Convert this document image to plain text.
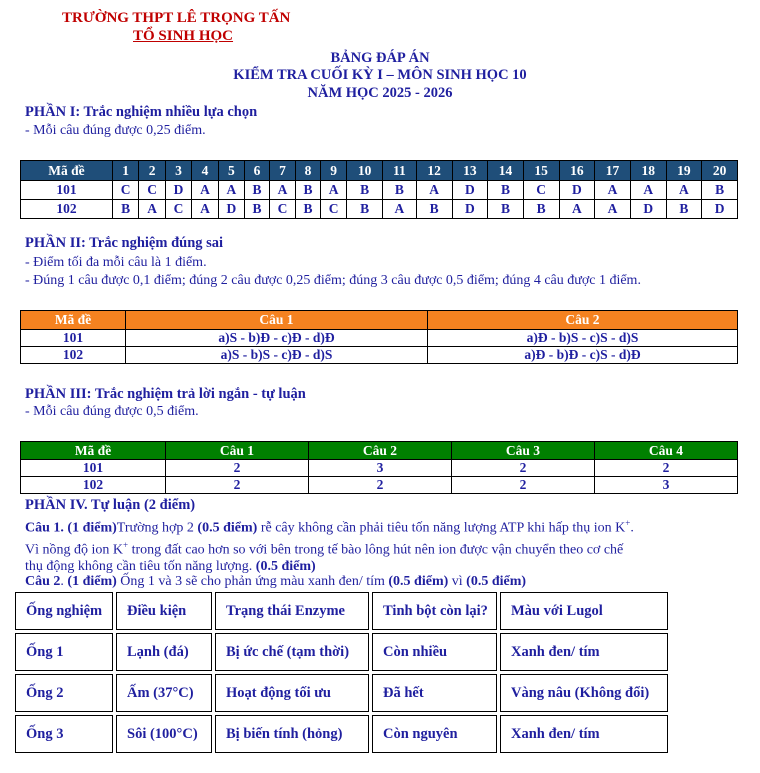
TRƯỜNG THPT LÊ TRỌNG TẤN
TỔ SINH HỌC
BẢNG ĐÁP ÁN
KIỂM TRA CUỐI KỲ I – MÔN SINH HỌC 10
NĂM HỌC 2025 - 2026
PHẦN I: Trắc nghiệm nhiều lựa chọn
- Mỗi câu đúng được 0,25 điểm.
Mã đề	1	2	3	4	5	6	7	8	9	10	11	12	13	14	15	16	17	18	19	20
101	C	C	D	A	A	B	A	B	A	B	B	A	D	B	C	D	A	A	A	B
102	B	A	C	A	D	B	C	B	C	B	A	B	D	B	B	A	A	D	B	D
PHẦN II: Trắc nghiệm đúng sai
- Điểm tối đa mỗi câu là 1 điểm.
- Đúng 1 câu được 0,1 điểm; đúng 2 câu được 0,25 điểm; đúng 3 câu được 0,5 điểm; đúng 4 câu được 1 điểm.
Mã đề	Câu 1	Câu 2
101	a)S - b)Đ - c)Đ - d)Đ	a)Đ - b)S - c)S - d)S
102	a)S - b)S - c)Đ - d)S	a)Đ - b)Đ - c)S - d)Đ
PHẦN III: Trắc nghiệm trả lời ngắn - tự luận
- Mỗi câu đúng được 0,5 điểm.
Mã đề	Câu 1	Câu 2	Câu 3	Câu 4
101	2	3	2	2
102	2	2	2	3
PHẦN IV. Tự luận (2 điểm)
Câu 1. (1 điểm)Trường hợp 2 (0.5 điểm) rễ cây không cần phải tiêu tốn năng lượng ATP khi hấp thụ ion K+.
Vì nồng độ ion K+ trong đất cao hơn so với bên trong tế bào lông hút nên ion được vận chuyển theo cơ chế
thụ động không cần tiêu tốn năng lượng. (0.5 điểm)
Câu 2. (1 điểm) Ống 1 và 3 sẽ cho phản ứng màu xanh đen/ tím (0.5 điểm) vì (0.5 điểm)
Ống nghiệm	Điều kiện	Trạng thái Enzyme	Tinh bột còn lại?	Màu với Lugol
Ống 1	Lạnh (đá)	Bị ức chế (tạm thời)	Còn nhiều	Xanh đen/ tím
Ống 2	Ấm (37°C)	Hoạt động tối ưu	Đã hết	Vàng nâu (Không đổi)
Ống 3	Sôi (100°C)	Bị biến tính (hỏng)	Còn nguyên	Xanh đen/ tím
